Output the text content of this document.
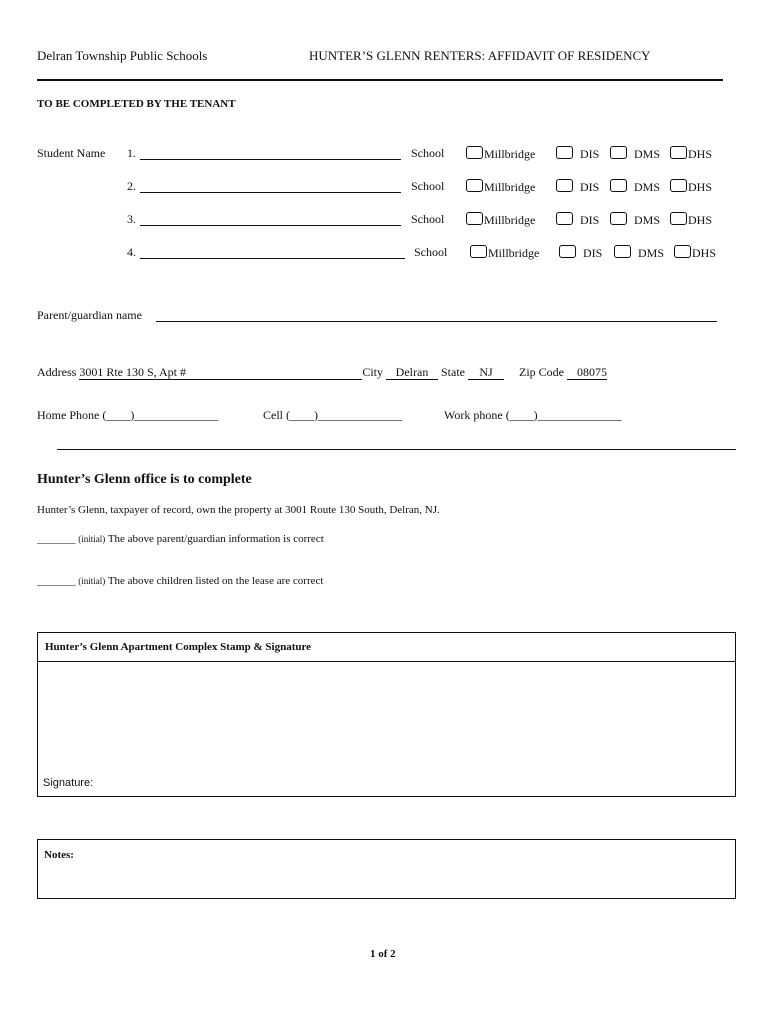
Delran Township Public Schools	HUNTER’S GLENN RENTERS: AFFIDAVIT OF RESIDENCY
TO BE COMPLETED BY THE TENANT
Student Name 1.	School	Millbridge	DIS	DMS	DHS
2.	School	Millbridge	DIS	DMS	DHS
3.	School	Millbridge	DIS	DMS	DHS
4.	School	Millbridge	DIS	DMS	DHS
Parent/guardian name
Address 3001 Rte 130 S, Apt #	City Delran State NJ Zip Code 08075
Home Phone (____)______________	Cell (____)______________	Work phone (____)______________
Hunter’s Glenn office is to complete
Hunter’s Glenn, taxpayer of record, own the property at 3001 Route 130 South, Delran, NJ.
_______ (initial) The above parent/guardian information is correct
_______ (initial) The above children listed on the lease are correct
Hunter’s Glenn Apartment Complex Stamp & Signature
Signature:
Notes:
1 of 2
